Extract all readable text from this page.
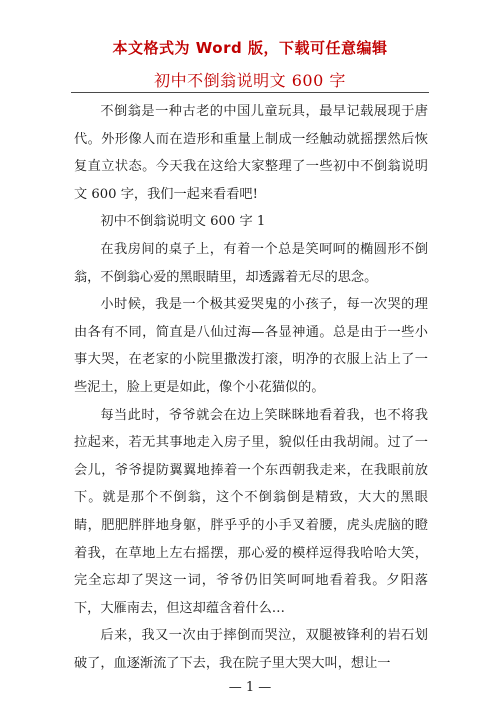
本文格式为 Word 版，下载可任意编辑
初中不倒翁说明文 600 字

不倒翁是一种古老的中国儿童玩具，最早记载展现于唐代。外形像人而在造形和重量上制成一经触动就摇摆然后恢复直立状态。今天我在这给大家整理了一些初中不倒翁说明文 600 字，我们一起来看看吧!

初中不倒翁说明文 600 字 1

在我房间的桌子上，有着一个总是笑呵呵的椭圆形不倒翁，不倒翁心爱的黑眼睛里，却透露着无尽的思念。

小时候，我是一个极其爱哭鬼的小孩子，每一次哭的理由各有不同，简直是八仙过海—各显神通。总是由于一些小事大哭，在老家的小院里撒泼打滚，明净的衣服上沾上了一些泥土，脸上更是如此，像个小花猫似的。

每当此时，爷爷就会在边上笑眯眯地看着我，也不将我拉起来，若无其事地走入房子里，貌似任由我胡闹。过了一会儿，爷爷提防翼翼地捧着一个东西朝我走来，在我眼前放下。就是那个不倒翁，这个不倒翁倒是精致，大大的黑眼睛，肥肥胖胖地身躯，胖乎乎的小手叉着腰，虎头虎脑的瞪着我，在草地上左右摇摆，那心爱的模样逗得我哈哈大笑，完全忘却了哭这一词，爷爷仍旧笑呵呵地看着我。夕阳落下，大雁南去，但这却蕴含着什么…

后来，我又一次由于摔倒而哭泣，双腿被锋利的岩石划破了，血逐渐流了下去，我在院子里大哭大叫，想让一

— 1 —
